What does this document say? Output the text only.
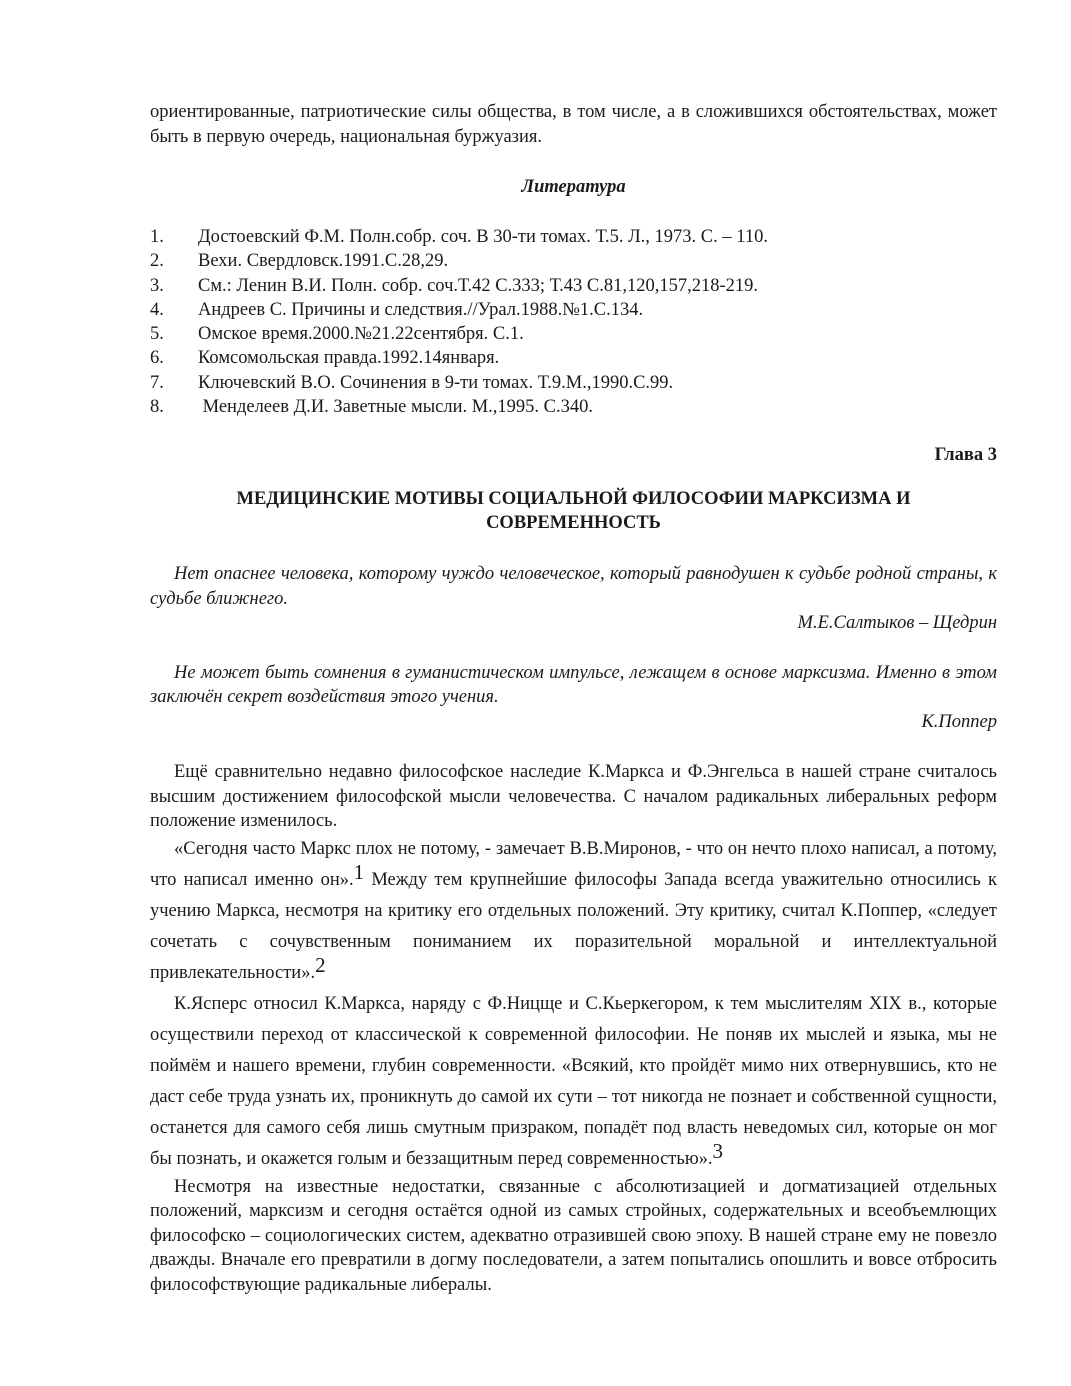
ориентированные, патриотические силы общества, в том числе, а в сложившихся обстоятельствах, может быть в первую очередь, национальная буржуазия.

Литература

1.	Достоевский Ф.М. Полн.собр. соч. В 30-ти томах. Т.5. Л., 1973. С. – 110.
2.	Вехи. Свердловск.1991.С.28,29.
3.	См.: Ленин В.И. Полн. собр. соч.Т.42 С.333; Т.43 С.81,120,157,218-219.
4.	Андреев С. Причины и следствия.//Урал.1988.№1.С.134.
5.	Омское время.2000.№21.22сентября. С.1.
6.	Комсомольская правда.1992.14января.
7.	Ключевский В.О. Сочинения в 9-ти томах. Т.9.М.,1990.С.99.
8.	Менделеев Д.И. Заветные мысли. М.,1995. С.340.

Глава 3

МЕДИЦИНСКИЕ МОТИВЫ СОЦИАЛЬНОЙ ФИЛОСОФИИ МАРКСИЗМА И СОВРЕМЕННОСТЬ

Нет опаснее человека, которому чуждо человеческое, который равнодушен к судьбе родной страны, к судьбе ближнего.

М.Е.Салтыков – Щедрин

Не может быть сомнения в гуманистическом импульсе, лежащем в основе марксизма. Именно в этом заключён секрет воздействия этого учения.

К.Поппер

Ещё сравнительно недавно философское наследие К.Маркса и Ф.Энгельса в нашей стране считалось высшим достижением философской мысли человечества. С началом радикальных либеральных реформ положение изменилось.

«Сегодня часто Маркс плох не потому, - замечает В.В.Миронов, - что он нечто плохо написал, а потому, что написал именно он».1 Между тем крупнейшие философы Запада всегда уважительно относились к учению Маркса, несмотря на критику его отдельных положений. Эту критику, считал К.Поппер, «следует сочетать с сочувственным пониманием их поразительной моральной и интеллектуальной привлекательности».2

К.Ясперс относил К.Маркса, наряду с Ф.Ницще и С.Кьеркегором, к тем мыслителям XIX в., которые осуществили переход от классической к современной философии. Не поняв их мыслей и языка, мы не поймём и нашего времени, глубин современности. «Всякий, кто пройдёт мимо них отвернувшись, кто не даст себе труда узнать их, проникнуть до самой их сути – тот никогда не познает и собственной сущности, останется для самого себя лишь смутным призраком, попадёт под власть неведомых сил, которые он мог бы познать, и окажется голым и беззащитным перед современностью».3

Несмотря на известные недостатки, связанные с абсолютизацией и догматизацией отдельных положений, марксизм и сегодня остаётся одной из самых стройных, содержательных и всеобъемлющих философско – социологических систем, адекватно отразившей свою эпоху. В нашей стране ему не повезло дважды. Вначале его превратили в догму последователи, а затем попытались опошлить и вовсе отбросить философствующие радикальные либералы.
